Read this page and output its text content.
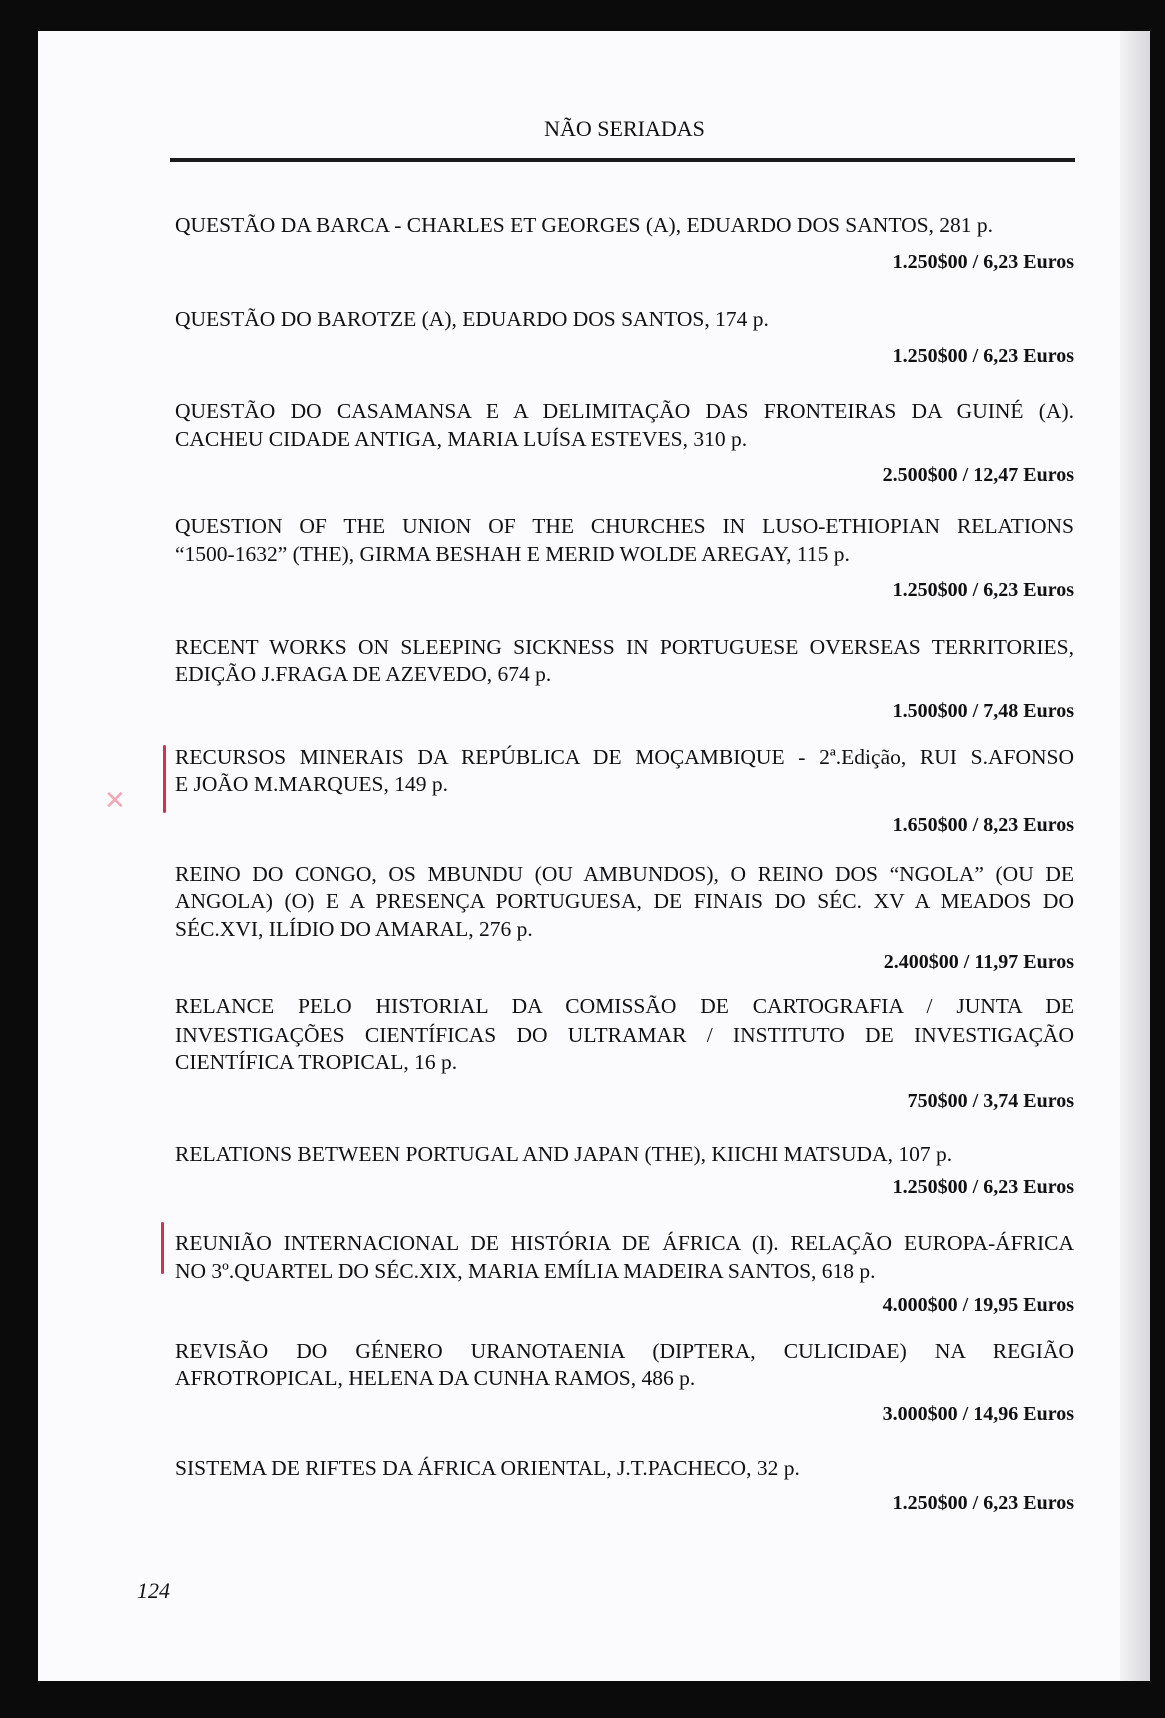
NÃO SERIADAS
QUESTÃO DA BARCA - CHARLES ET GEORGES (A), EDUARDO DOS SANTOS, 281 p.
1.250$00 / 6,23 Euros
QUESTÃO DO BAROTZE (A), EDUARDO DOS SANTOS, 174 p.
1.250$00 / 6,23 Euros
QUESTÃO DO CASAMANSA E A DELIMITAÇÃO DAS FRONTEIRAS DA GUINÉ (A).
CACHEU CIDADE ANTIGA, MARIA LUÍSA ESTEVES, 310 p.
2.500$00 / 12,47 Euros
QUESTION OF THE UNION OF THE CHURCHES IN LUSO-ETHIOPIAN RELATIONS
“1500-1632” (THE), GIRMA BESHAH E MERID WOLDE AREGAY, 115 p.
1.250$00 / 6,23 Euros
RECENT WORKS ON SLEEPING SICKNESS IN PORTUGUESE OVERSEAS TERRITORIES,
EDIÇÃO J.FRAGA DE AZEVEDO, 674 p.
1.500$00 / 7,48 Euros
RECURSOS MINERAIS DA REPÚBLICA DE MOÇAMBIQUE - 2ª.Edição, RUI S.AFONSO
E JOÃO M.MARQUES, 149 p.
1.650$00 / 8,23 Euros
REINO DO CONGO, OS MBUNDU (OU AMBUNDOS), O REINO DOS “NGOLA” (OU DE
ANGOLA) (O) E A PRESENÇA PORTUGUESA, DE FINAIS DO SÉC. XV A MEADOS DO
SÉC.XVI, ILÍDIO DO AMARAL, 276 p.
2.400$00 / 11,97 Euros
RELANCE PELO HISTORIAL DA COMISSÃO DE CARTOGRAFIA / JUNTA DE
INVESTIGAÇÕES CIENTÍFICAS DO ULTRAMAR / INSTITUTO DE INVESTIGAÇÃO
CIENTÍFICA TROPICAL, 16 p.
750$00 / 3,74 Euros
RELATIONS BETWEEN PORTUGAL AND JAPAN (THE), KIICHI MATSUDA, 107 p.
1.250$00 / 6,23 Euros
REUNIÃO INTERNACIONAL DE HISTÓRIA DE ÁFRICA (I). RELAÇÃO EUROPA-ÁFRICA
NO 3º.QUARTEL DO SÉC.XIX, MARIA EMÍLIA MADEIRA SANTOS, 618 p.
4.000$00 / 19,95 Euros
REVISÃO DO GÉNERO URANOTAENIA (DIPTERA, CULICIDAE) NA REGIÃO
AFROTROPICAL, HELENA DA CUNHA RAMOS, 486 p.
3.000$00 / 14,96 Euros
SISTEMA DE RIFTES DA ÁFRICA ORIENTAL, J.T.PACHECO, 32 p.
1.250$00 / 6,23 Euros
✕
124
